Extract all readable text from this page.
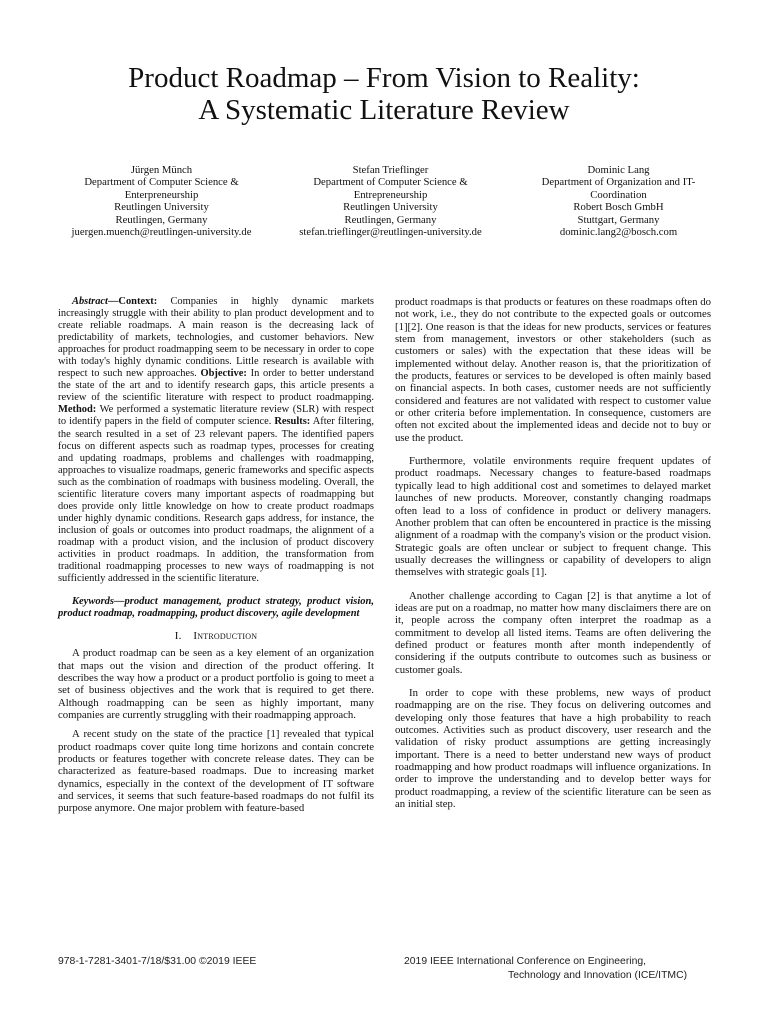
Product Roadmap – From Vision to Reality:
A Systematic Literature Review
Jürgen Münch
Department of Computer Science &
Enterpreneurship
Reutlingen University
Reutlingen, Germany
juergen.muench@reutlingen-university.de
Stefan Trieflinger
Department of Computer Science &
Entrepreneurship
Reutlingen University
Reutlingen, Germany
stefan.trieflinger@reutlingen-university.de
Dominic Lang
Department of Organization and IT-
Coordination
Robert Bosch GmbH
Stuttgart, Germany
dominic.lang2@bosch.com

Abstract—Context: Companies in highly dynamic markets increasingly struggle with their ability to plan product development and to create reliable roadmaps. A main reason is the decreasing lack of predictability of markets, technologies, and customer behaviors. New approaches for product roadmapping seem to be necessary in order to cope with today's highly dynamic conditions. Little research is available with respect to such new approaches. Objective: In order to better understand the state of the art and to identify research gaps, this article presents a review of the scientific literature with respect to product roadmapping. Method: We performed a systematic literature review (SLR) with respect to identify papers in the field of computer science. Results: After filtering, the search resulted in a set of 23 relevant papers. The identified papers focus on different aspects such as roadmap types, processes for creating and updating roadmaps, problems and challenges with roadmapping, approaches to visualize roadmaps, generic frameworks and specific aspects such as the combination of roadmaps with business modeling. Overall, the scientific literature covers many important aspects of roadmapping but does provide only little knowledge on how to create product roadmaps under highly dynamic conditions. Research gaps address, for instance, the inclusion of goals or outcomes into product roadmaps, the alignment of a roadmap with a product vision, and the inclusion of product discovery activities in product roadmaps. In addition, the transformation from traditional roadmapping processes to new ways of roadmapping is not sufficiently addressed in the scientific literature.

Keywords—product management, product strategy, product vision, product roadmap, roadmapping, product discovery, agile development

I. Introduction

A product roadmap can be seen as a key element of an organization that maps out the vision and direction of the product offering. It describes the way how a product or a product portfolio is going to meet a set of business objectives and the work that is required to get there. Although roadmapping can be seen as highly important, many companies are currently struggling with their roadmapping approach.

A recent study on the state of the practice [1] revealed that typical product roadmaps cover quite long time horizons and contain concrete products or features together with concrete release dates. They can be characterized as feature-based roadmaps. Due to increasing market dynamics, especially in the context of the development of IT software and services, it seems that such feature-based roadmaps do not fulfil its purpose anymore. One major problem with feature-based

product roadmaps is that products or features on these roadmaps often do not work, i.e., they do not contribute to the expected goals or outcomes [1][2]. One reason is that the ideas for new products, services or features stem from management, investors or other stakeholders (such as customers or sales) with the expectation that these ideas will be implemented without delay. Another reason is, that the prioritization of the products, features or services to be developed is often mainly based on financial aspects. In both cases, customer needs are not sufficiently considered and features are not validated with respect to customer value or other criteria before implementation. In consequence, customers are often not excited about the implemented ideas and decide not to buy or use the product.

Furthermore, volatile environments require frequent updates of product roadmaps. Necessary changes to feature-based roadmaps typically lead to high additional cost and sometimes to delayed market launches of new products. Moreover, constantly changing roadmaps often lead to a loss of confidence in product or delivery managers. Another problem that can often be encountered in practice is the missing alignment of a roadmap with the company's vision or the product vision. Strategic goals are often unclear or subject to frequent change. This usually decreases the willingness or capability of developers to align themselves with strategic goals [1].

Another challenge according to Cagan [2] is that anytime a lot of ideas are put on a roadmap, no matter how many disclaimers there are on it, people across the company often interpret the roadmap as a commitment to develop all listed items. Teams are often delivering the defined product or features month after month independently of considering if the outputs contribute to outcomes such as business or customer goals.

In order to cope with these problems, new ways of product roadmapping are on the rise. They focus on delivering outcomes and developing only those features that have a high probability to reach outcomes. Activities such as product discovery, user research and the validation of risky product assumptions are getting increasingly important. There is a need to better understand new ways of product roadmapping and how product roadmaps will influence organizations. In order to improve the understanding and to develop better ways for product roadmapping, a review of the scientific literature can be seen as an initial step.

978-1-7281-3401-7/18/$31.00 ©2019 IEEE	2019 IEEE International Conference on Engineering,
Technology and Innovation (ICE/ITMC)
